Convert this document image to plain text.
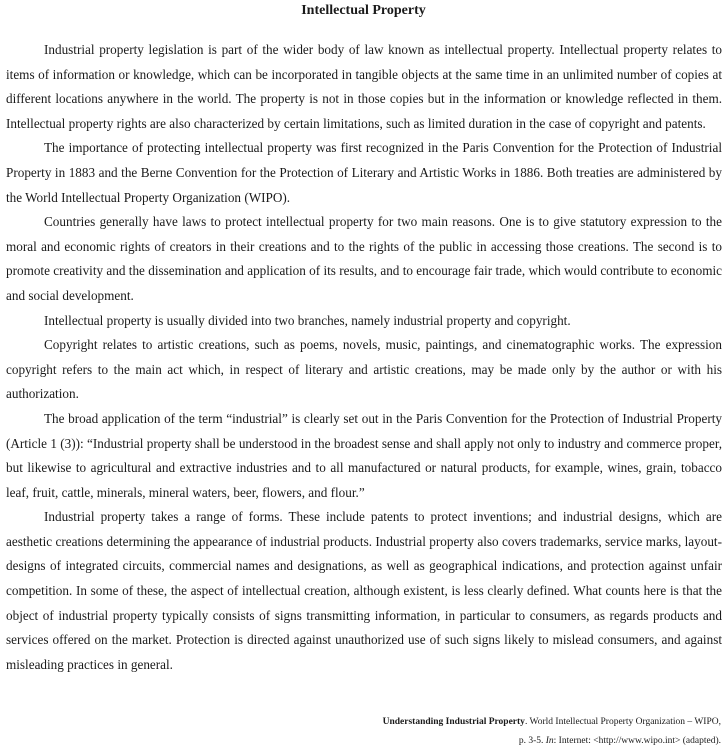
Intellectual Property

Industrial property legislation is part of the wider body of law known as intellectual property. Intellectual property relates to items of information or knowledge, which can be incorporated in tangible objects at the same time in an unlimited number of copies at different locations anywhere in the world. The property is not in those copies but in the information or knowledge reflected in them. Intellectual property rights are also characterized by certain limitations, such as limited duration in the case of copyright and patents.

The importance of protecting intellectual property was first recognized in the Paris Convention for the Protection of Industrial Property in 1883 and the Berne Convention for the Protection of Literary and Artistic Works in 1886. Both treaties are administered by the World Intellectual Property Organization (WIPO).

Countries generally have laws to protect intellectual property for two main reasons. One is to give statutory expression to the moral and economic rights of creators in their creations and to the rights of the public in accessing those creations. The second is to promote creativity and the dissemination and application of its results, and to encourage fair trade, which would contribute to economic and social development.

Intellectual property is usually divided into two branches, namely industrial property and copyright.

Copyright relates to artistic creations, such as poems, novels, music, paintings, and cinematographic works. The expression copyright refers to the main act which, in respect of literary and artistic creations, may be made only by the author or with his authorization.

The broad application of the term “industrial” is clearly set out in the Paris Convention for the Protection of Industrial Property (Article 1 (3)): “Industrial property shall be understood in the broadest sense and shall apply not only to industry and commerce proper, but likewise to agricultural and extractive industries and to all manufactured or natural products, for example, wines, grain, tobacco leaf, fruit, cattle, minerals, mineral waters, beer, flowers, and flour.”

Industrial property takes a range of forms. These include patents to protect inventions; and industrial designs, which are aesthetic creations determining the appearance of industrial products. Industrial property also covers trademarks, service marks, layout-designs of integrated circuits, commercial names and designations, as well as geographical indications, and protection against unfair competition. In some of these, the aspect of intellectual creation, although existent, is less clearly defined. What counts here is that the object of industrial property typically consists of signs transmitting information, in particular to consumers, as regards products and services offered on the market. Protection is directed against unauthorized use of such signs likely to mislead consumers, and against misleading practices in general.

Understanding Industrial Property. World Intellectual Property Organization – WIPO,
p. 3-5. In: Internet: <http://www.wipo.int> (adapted).
